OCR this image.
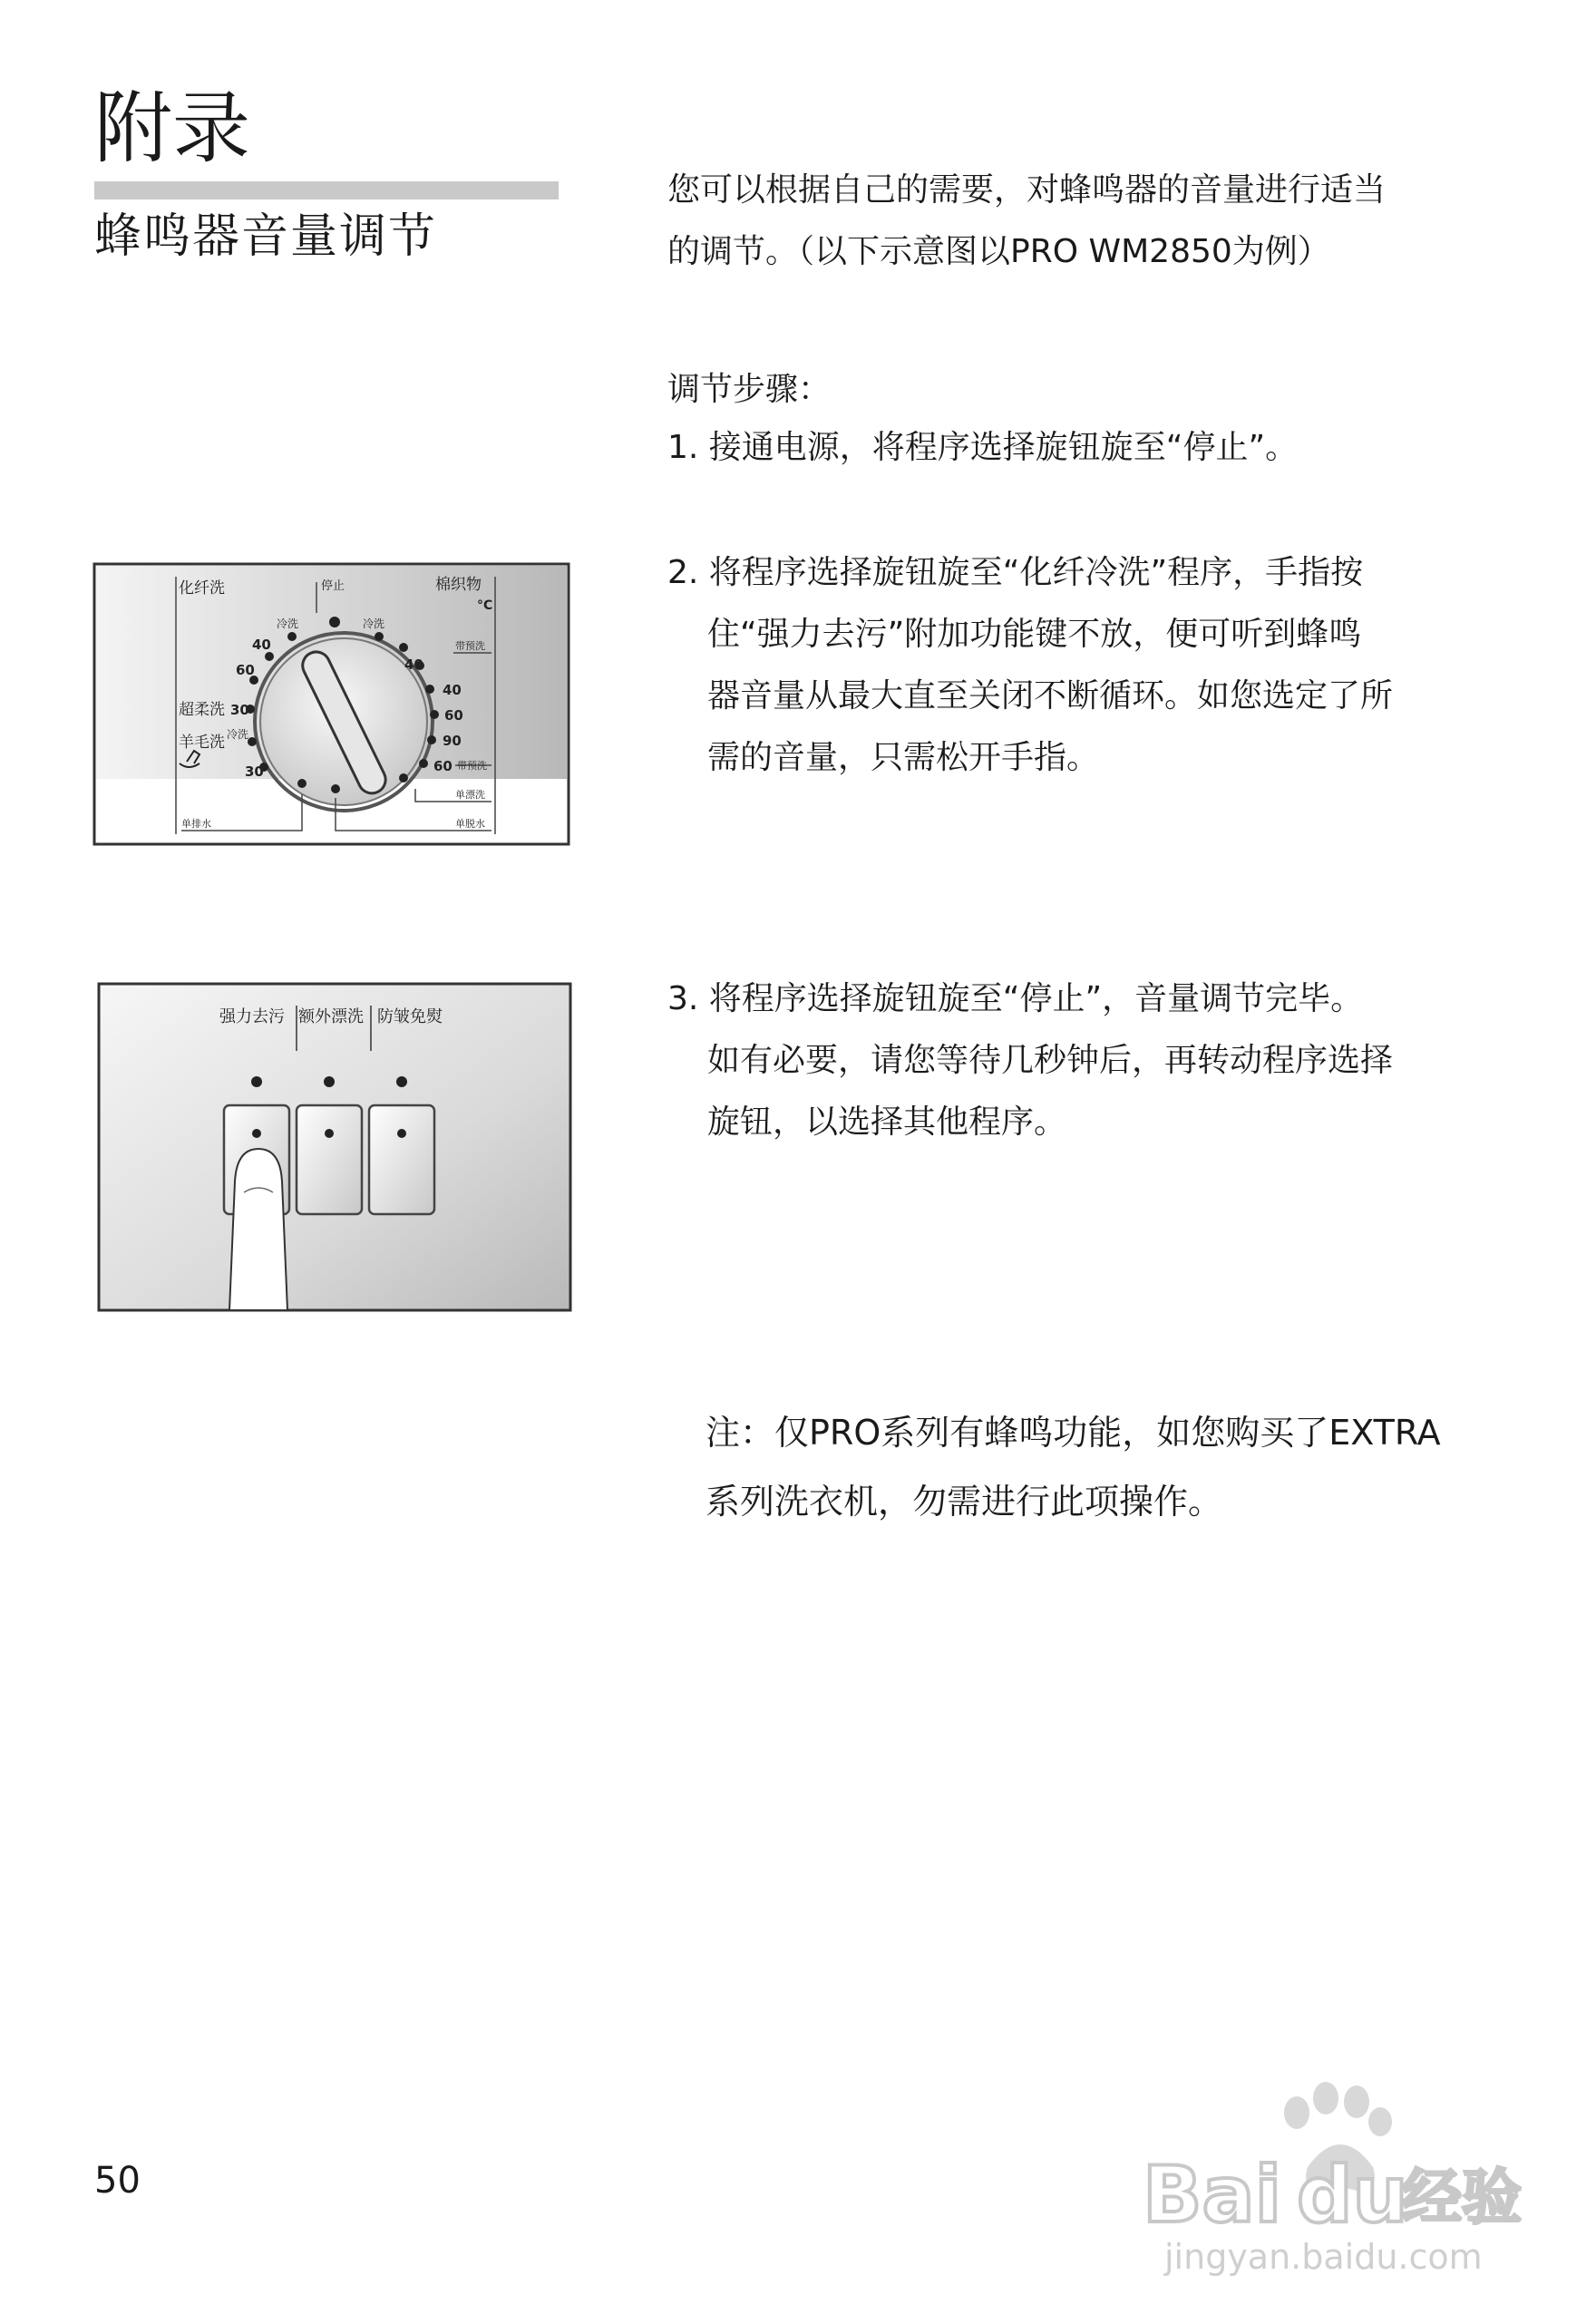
附录
蜂鸣器音量调节
您可以根据自己的需要，对蜂鸣器的音量进行适当
的调节。（以下示意图以PRO WM2850为例）
调节步骤：
1. 接通电源，将程序选择旋钮旋至“停止”。
2. 将程序选择旋钮旋至“化纤冷洗”程序，手指按
住“强力去污”附加功能键不放，便可听到蜂鸣
器音量从最大直至关闭不断循环。如您选定了所
需的音量，只需松开手指。
3. 将程序选择旋钮旋至“停止”，音量调节完毕。
如有必要，请您等待几秒钟后，再转动程序选择
旋钮，以选择其他程序。
注：仅PRO系列有蜂鸣功能，如您购买了EXTRA
系列洗衣机，勿需进行此项操作。
化纤洗	停止	棉织物
°C
冷洗	冷洗
40
60
超柔洗 30
羊毛洗 冷洗
30
带预洗
40
40
60
90
60 带预洗
单漂洗
单排水	单脱水
强力去污 额外漂洗 防皱免熨
50	Bai du
经验
jingyan.baidu.com
